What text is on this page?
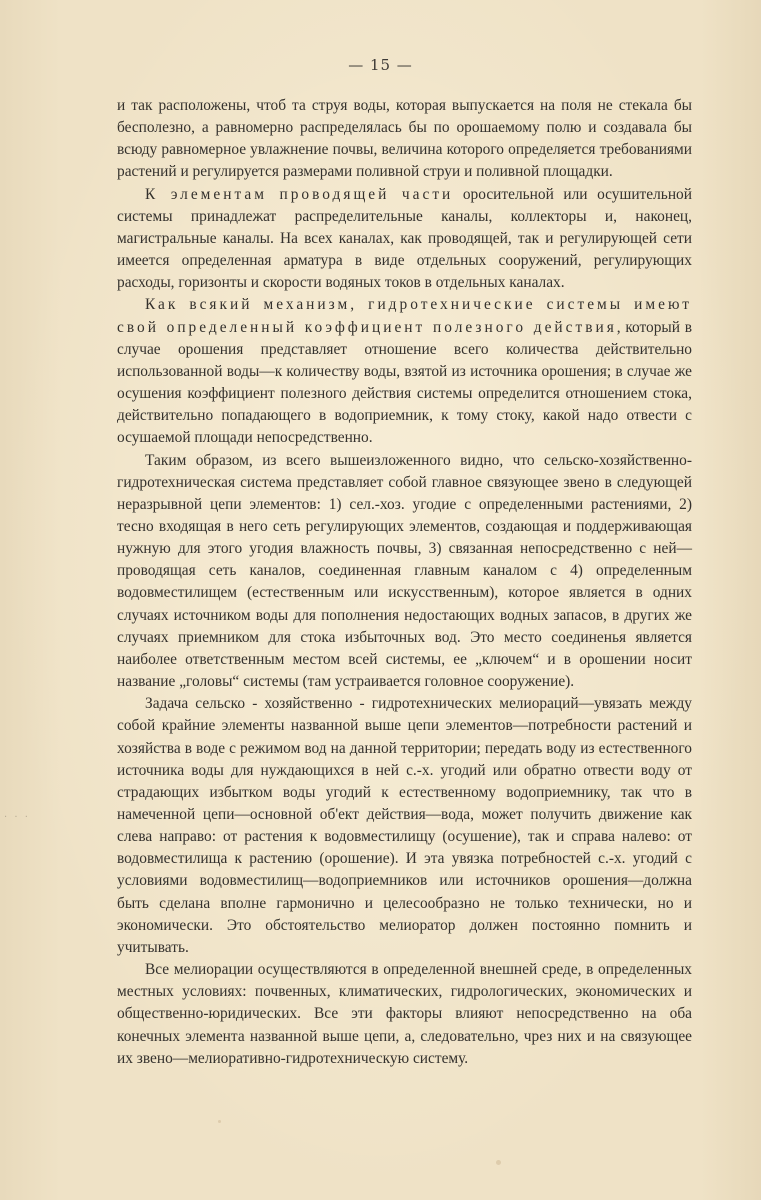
— 15 —

и так расположены, чтоб та струя воды, которая выпускается на поля не стекала бы бесполезно, а равномерно распределялась бы по орошаемому полю и создавала бы всюду равномерное увлажнение почвы, величина которого определяется требованиями растений и регулируется размерами поливной струи и поливной площадки.

К элементам проводящей части оросительной или осушительной системы принадлежат распределительные каналы, коллекторы и, наконец, магистральные каналы. На всех каналах, как проводящей, так и регулирующей сети имеется определенная арматура в виде отдельных сооружений, регулирующих расходы, горизонты и скорости водяных токов в отдельных каналах.

Как всякий механизм, гидротехнические системы имеют свой определенный коэффициент полезного действия, который в случае орошения представляет отношение всего количества действительно использованной воды—к количеству воды, взятой из источника орошения; в случае же осушения коэффициент полезного действия системы определится отношением стока, действительно попадающего в водоприемник, к тому стоку, какой надо отвести с осушаемой площади непосредственно.

Таким образом, из всего вышеизложенного видно, что сельско-хозяйственно-гидротехническая система представляет собой главное связующее звено в следующей неразрывной цепи элементов: 1) сел.-хоз. угодие с определенными растениями, 2) тесно входящая в него сеть регулирующих элементов, создающая и поддерживающая нужную для этого угодия влажность почвы, 3) связанная непосредственно с ней—проводящая сеть каналов, соединенная главным каналом с 4) определенным водовместилищем (естественным или искусственным), которое является в одних случаях источником воды для пополнения недостающих водных запасов, в других же случаях приемником для стока избыточных вод. Это место соединенья является наиболее ответственным местом всей системы, ее „ключем“ и в орошении носит название „головы“ системы (там устраивается головное сооружение).

Задача сельско - хозяйственно - гидротехнических мелиораций—увязать между собой крайние элементы названной выше цепи элементов—потребности растений и хозяйства в воде с режимом вод на данной территории; передать воду из естественного источника воды для нуждающихся в ней с.-х. угодий или обратно отвести воду от страдающих избытком воды угодий к естественному водоприемнику, так что в намеченной цепи—основной об'ект действия—вода, может получить движение как слева направо: от растения к водовместилищу (осушение), так и справа налево: от водовместилища к растению (орошение). И эта увязка потребностей с.-х. угодий с условиями водовместилищ—водоприемников или источников орошения—должна быть сделана вполне гармонично и целесообразно не только технически, но и экономически. Это обстоятельство мелиоратор должен постоянно помнить и учитывать.

Все мелиорации осуществляются в определенной внешней среде, в определенных местных условиях: почвенных, климатических, гидрологических, экономических и общественно-юридических. Все эти факторы влияют непосредственно на оба конечных элемента названной выше цепи, а, следовательно, чрез них и на связующее их звено—мелиоративно-гидротехническую систему.

· · ·
